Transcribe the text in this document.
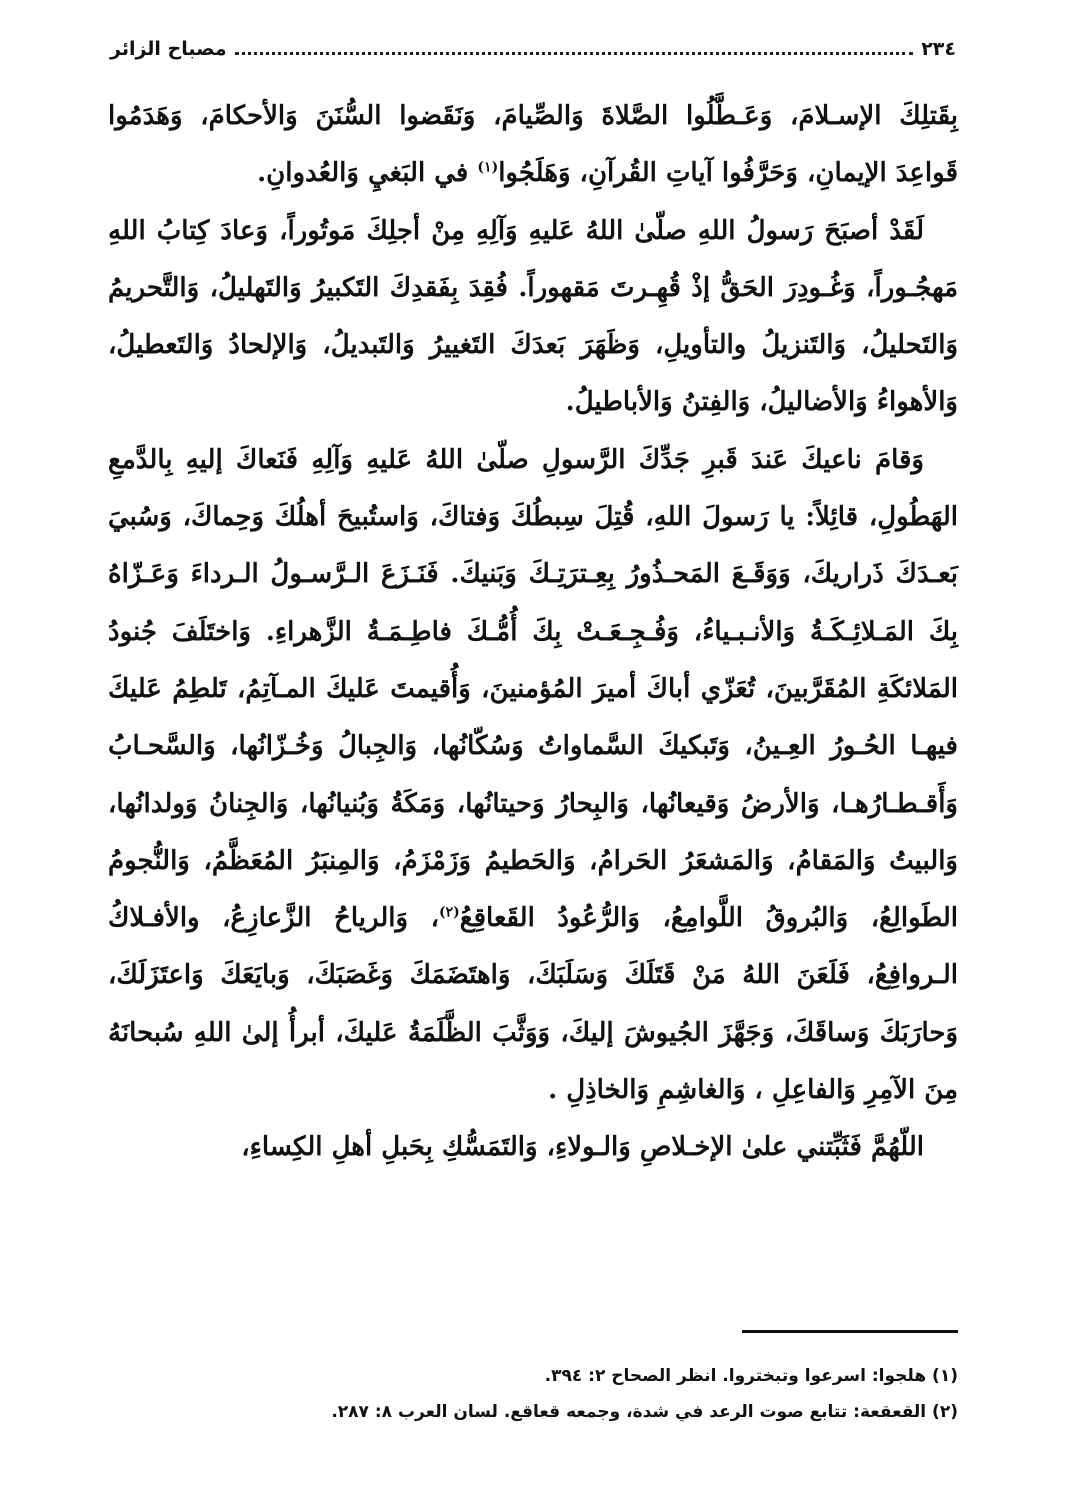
٢٣٤
مصباح الزائر

بِقَتلِكَ الإسـلامَ، وَعَـطَّلُوا الصَّلاةَ وَالصِّيامَ، وَنَقَضوا السُّنَنَ وَالأحكامَ، وَهَدَمُوا قَواعِدَ الإيمانِ، وَحَرَّفُوا آياتِ القُرآنِ، وَهَلَجُوا$^{(١)}$ في البَغيِ وَالعُدوانِ.

لَقَدْ أصبَحَ رَسولُ اللهِ صلّىٰ اللهُ عَليهِ وَآلِهِ مِنْ أجلِكَ مَوتُوراً، وَعادَ كِتابُ اللهِ مَهجُـوراً، وَغُـودِرَ الحَقُّ إذْ قُهِـرتَ مَقهوراً. فُقِدَ بِفَقدِكَ التَكبيرُ وَالتَهليلُ، وَالتَّحريمُ وَالتَحليلُ، وَالتَنزيلُ والتأويلِ، وَظَهَرَ بَعدَكَ التَغييرُ وَالتَبديلُ، وَالإلحادُ وَالتَعطيلُ، وَالأهواءُ وَالأضاليلُ، وَالفِتنُ وَالأباطيلُ.

وَقامَ ناعيكَ عَندَ قَبرِ جَدِّكَ الرَّسولِ صلّىٰ اللهُ عَليهِ وَآلِهِ فَنَعاكَ إليهِ بِالدَّمعِ الهَطُولِ، قائِلاً: يا رَسولَ اللهِ، قُتِلَ سِبطُكَ وَفتاكَ، وَاستُبيحَ أهلُكَ وَحِماكَ، وَسُبيَ بَعـدَكَ ذَراريكَ، وَوَقَـعَ المَحـذُورُ بِعِـترَتِـكَ وَبَنيكَ. فَنَـزَعَ الـرَّسـولُ الـرداءَ وَعَـزّاهُ بِكَ المَـلائِـكَـةُ وَالأنـبـياءُ، وَفُـجِـعَـتْ بِكَ أُمُّـكَ فاطِـمَـةُ الزَّهراءِ. وَاختَلَفَ جُنودُ المَلائكَةِ المُقَرَّبينَ، تُعَزّي أباكَ أميرَ المُؤمنينَ، وَأُقيمتَ عَليكَ المـآتِمُ، تَلطِمُ عَليكَ فيهـا الحُـورُ العِـينُ، وَتَبكيكَ السَّماواتُ وَسُكّانُها، وَالجِبالُ وَخُـزّانُها، وَالسَّحـابُ وَأَقـطـارُهـا، وَالأرضُ وَقيعانُها، وَالبِحارُ وَحيتانُها، وَمَكَةُ وَبُنيانُها، وَالجِنانُ وَولدانُها، وَالبيتُ وَالمَقامُ، وَالمَشعَرُ الحَرامُ، وَالحَطيمُ وَزَمْزَمُ، وَالمِنبَرُ المُعَظَّمُ، وَالنُّجومُ الطَوالِعُ، وَالبُروقُ اللَّوامِعُ، وَالرُّعُودُ القَعاقِعُ$^{(٢)}$، وَالرياحُ الزَّعازِعُ، والأفـلاكُ الـروافِعُ، فَلَعَنَ اللهُ مَنْ قَتَلَكَ وَسَلَبَكَ، وَاهتَضَمَكَ وَغَصَبَكَ، وَبايَعَكَ وَاعتَزَلَكَ، وَحارَبَكَ وَساقَكَ، وَجَهَّزَ الجُيوشَ إليكَ، وَوَثَّبَ الظَّلَمَةُ عَليكَ، أبرأُ إلىٰ اللهِ سُبحانَهُ مِنَ الآمِرِ وَالفاعِلِ ، وَالغاشِمِ وَالخاذِلِ .

اللّهُمَّ فَثَبِّتني علىٰ الإخـلاصِ وَالـولاءِ، وَالتَمَسُّكِ بِحَبلِ أهلِ الكِساءِ،

(١) هلجوا: اسرعوا وتبختروا. انظر الصحاح ٢: ٣٩٤.

(٢) القعقعة: تتابع صوت الرعد في شدة، وجمعه قعاقع. لسان العرب ٨: ٢٨٧.
